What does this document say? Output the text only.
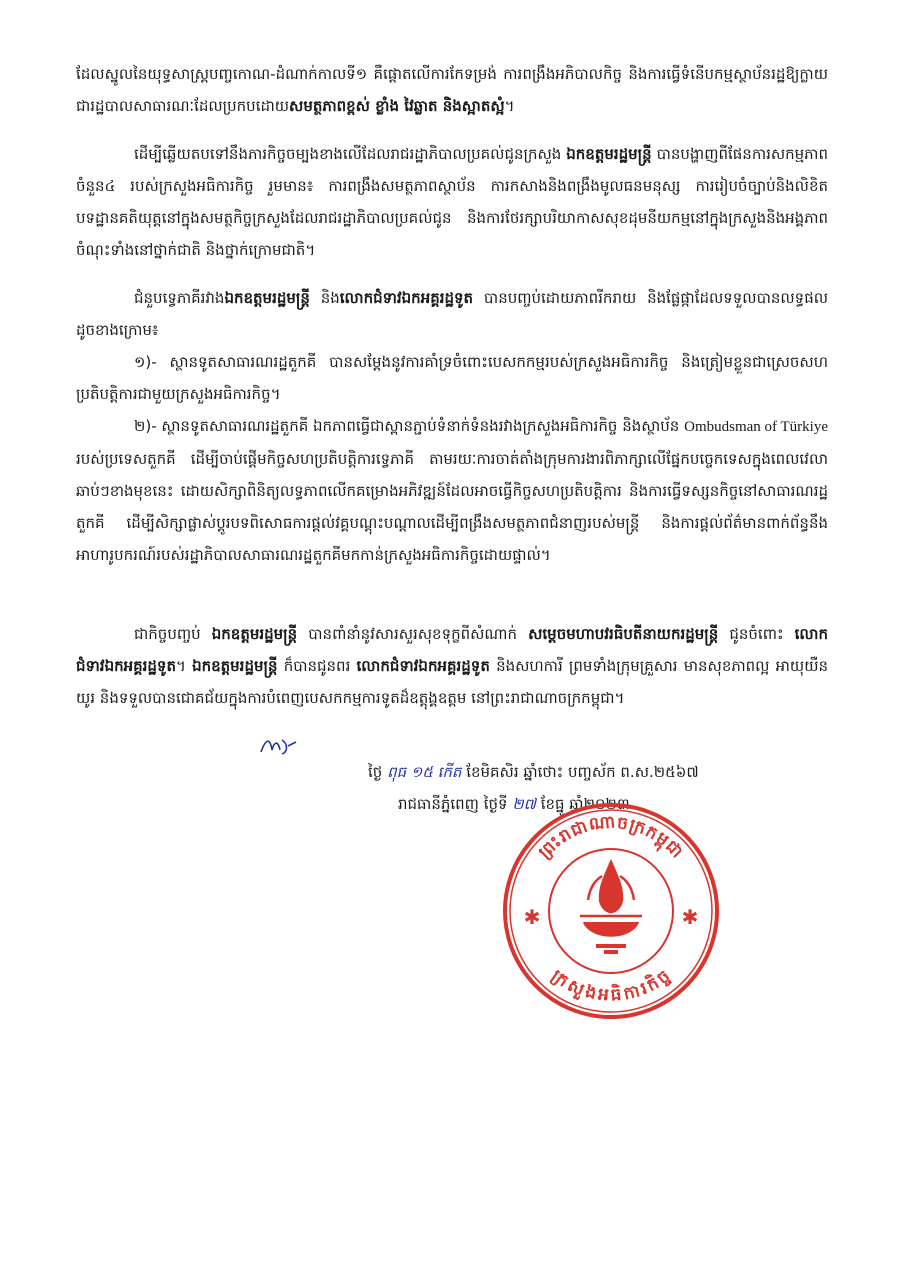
ដែលស្នូលនៃយុទ្ធសាស្ត្របញ្ចកោណ-ដំណាក់កាលទី១ គឺផ្តោតលើការកែទម្រង់ ការពង្រឹងអភិបាលកិច្ច និងការធ្វើទំនើបកម្មស្ថាប័នរដ្ឋឱ្យក្លាយជារដ្ឋបាលសាធារណៈដែលប្រកបដោយសមត្ថភាពខ្ពស់ ខ្លាំង វៃឆ្លាត និងស្អាតស្អំ។
ដើម្បីឆ្លើយតបទៅនឹងភារកិច្ចចម្បងខាងលើដែលរាជរដ្ឋាភិបាលប្រគល់ជូនក្រសួង ឯកឧត្តមរដ្ឋមន្ត្រី បានបង្ហាញពីផែនការសកម្មភាពចំនួន៤ របស់ក្រសួងអធិការកិច្ច រួមមាន៖ ការពង្រឹងសមត្ថភាពស្ថាប័ន ការកសាងនិងពង្រឹងមូលធនមនុស្ស ការរៀបចំច្បាប់និងលិខិតបទដ្ឋានគតិយុត្តនៅក្នុងសមត្ថកិច្ចក្រសួងដែលរាជរដ្ឋាភិបាលប្រគល់ជូន និងការថែរក្សាបរិយាកាសសុខដុមនីយកម្មនៅក្នុងក្រសួងនិងអង្គភាពចំណុះទាំងនៅថ្នាក់ជាតិ និងថ្នាក់ក្រោមជាតិ។
ជំនួបទ្វេភាគីរវាងឯកឧត្តមរដ្ឋមន្ត្រី និងលោកជំទាវឯកអគ្គរដ្ឋទូត បានបញ្ចប់ដោយភាពរីករាយ និងផ្លែផ្កាដែលទទួលបានលទ្ធផលដូចខាងក្រោម៖
១)- ស្ថានទូតសាធារណរដ្ឋតួកគី បានសម្តែងនូវការគាំទ្រចំពោះបេសកកម្មរបស់ក្រសួងអធិការកិច្ច និងត្រៀមខ្លួនជាស្រេចសហប្រតិបត្តិការជាមួយក្រសួងអធិការកិច្ច។
២)- ស្ថានទូតសាធារណរដ្ឋតួកគី ឯកភាពធ្វើជាស្ពានភ្ជាប់ទំនាក់ទំនងរវាងក្រសួងអធិការកិច្ច និងស្ថាប័ន Ombudsman of Türkiye របស់ប្រទេសតួកគី ដើម្បីចាប់ផ្តើមកិច្ចសហប្រតិបត្តិការទ្វេភាគី តាមរយៈការចាត់តាំងក្រុមការងារពិភាក្សាលើផែ្នកបច្ចេកទេសក្នុងពេលវេលាឆាប់ៗខាងមុខនេះ ដោយសិក្សាពិនិត្យលទ្ធភាពលើកគម្រោងអភិវឌ្ឍន៍ដែលអាចធ្វើកិច្ចសហប្រតិបត្តិការ និងការធ្វើទស្សនកិច្ចនៅសាធារណរដ្ឋតួកគី ដើម្បីសិក្សាផ្លាស់ប្តូរបទពិសោធការផ្តល់វគ្គបណ្តុះបណ្តាលដើម្បីពង្រឹងសមត្ថភាពជំនាញរបស់មន្ត្រី និងការផ្តល់ព័ត៌មានពាក់ព័ន្ធនឹងអាហារូបករណ៍របស់រដ្ឋាភិបាលសាធារណរដ្ឋតួកគីមកកាន់ក្រសួងអធិការកិច្ចដោយផ្ទាល់។
ជាកិច្ចបញ្ចប់ ឯកឧត្តមរដ្ឋមន្ត្រី បានពាំនាំនូវសារសួរសុខទុក្ខពីសំណាក់ សម្តេចមហាបវរធិបតីនាយករដ្ឋមន្ត្រី ជូនចំពោះ លោកជំទាវឯកអគ្គរដ្ឋទូត។ ឯកឧត្តមរដ្ឋមន្ត្រី ក៏បានជូនពរ លោកជំទាវឯកអគ្គរដ្ឋទូត និងសហការី ព្រមទាំងក្រុមគ្រួសារ មានសុខភាពល្អ អាយុយឺនយូរ និងទទួលបានជោគជ័យក្នុងការបំពេញបេសកកម្មការទូតដ៏ឧត្តុង្គឧត្តម នៅព្រះរាជាណាចក្រកម្ពុជា។
ថ្ងៃ ពុធ ១៥ កើត ខែមិគសិរ ឆ្នាំថោះ បញ្ចស័ក ព.ស.២៥៦៧
រាជធានីភ្នំពេញ ថ្ងៃទី ២៧ ខែធ្នូ ឆ្នាំ២០២៣
ព្រះរាជាណាចក្រកម្ពុជា
ក្រសួងអធិការកិច្ច
✱	✱
